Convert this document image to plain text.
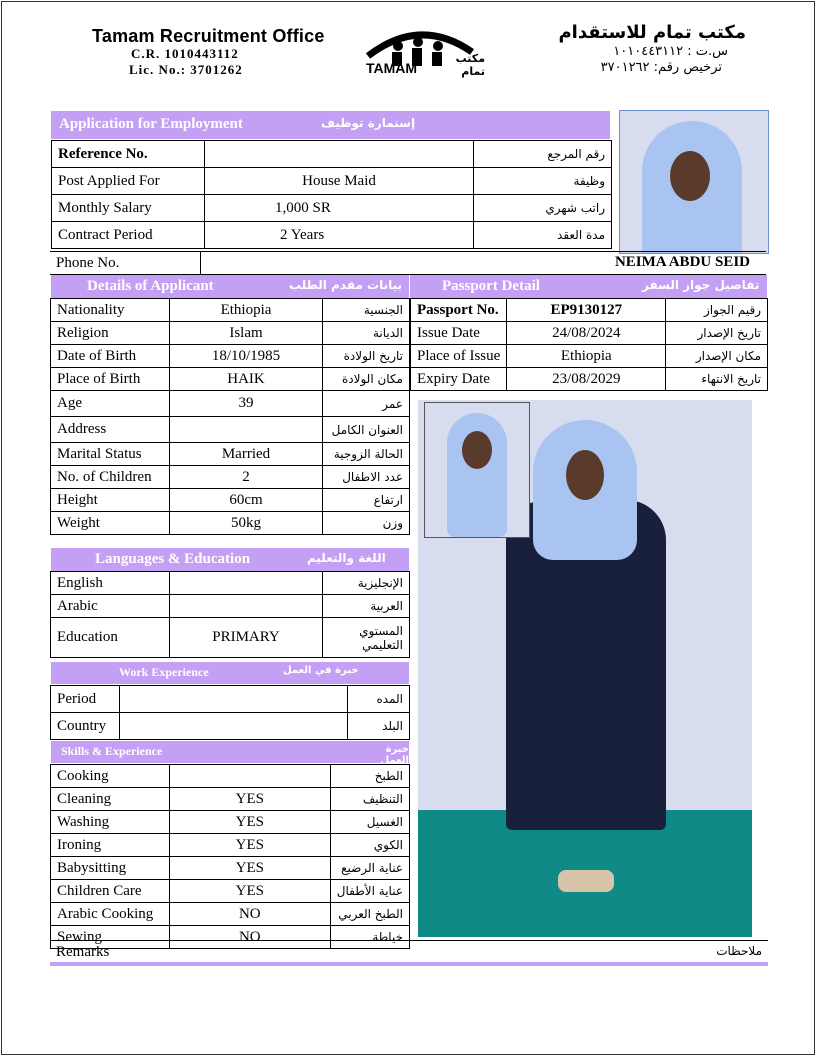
Tamam Recruitment Office
C.R. 1010443112
Lic. No.: 3701262	TAMAM
مكتب تمام
مكتب تمام للاستقدام
س.ت : ١٠١٠٤٤٣١١٢
ترخيص رقم: ٣٧٠١٢٦٢
Application for Employment	إستمارة توظيف
Reference No.		رقم المرجع
Post Applied For	House Maid	وظيفة
Monthly Salary	1,000 SR	راتب شهري
Contract Period	2 Years	مدة العقد
Phone No.	NEIMA ABDU SEID
Details of Applicant	بيانات مقدم الطلب
Nationality	Ethiopia	الجنسية
Religion	Islam	الديانة
Date of Birth	18/10/1985	تاريخ الولادة
Place of Birth	HAIK	مكان الولادة
Age	39	عمر
Address		العنوان الكامل
Marital Status	Married	الحالة الزوجية
No. of Children	2	عدد الاطفال
Height	60cm	ارتفاع
Weight	50kg	وزن
Passport Detail	تفاصيل جواز السفر
Passport No.	EP9130127	رقيم الجواز
Issue Date	24/08/2024	تاريخ الإصدار
Place of Issue	Ethiopia	مكان الإصدار
Expiry Date	23/08/2029	تاريخ الانتهاء
Languages & Education	اللغة والتعليم
English		الإنجليزية
Arabic		العربية
Education	PRIMARY	المستوي التعليمي
Work Experience	خبرة في العمل
Period		المده
Country		البلد
Skills & Experience	خبرة العمل
Cooking		الطبخ
Cleaning	YES	التنظيف
Washing	YES	الغسيل
Ironing	YES	الكوي
Babysitting	YES	عناية الرضيع
Children Care	YES	عناية الأطفال
Arabic Cooking	NO	الطبخ العربي
Sewing	NO	خياطة
Remarks	ملاحظات
